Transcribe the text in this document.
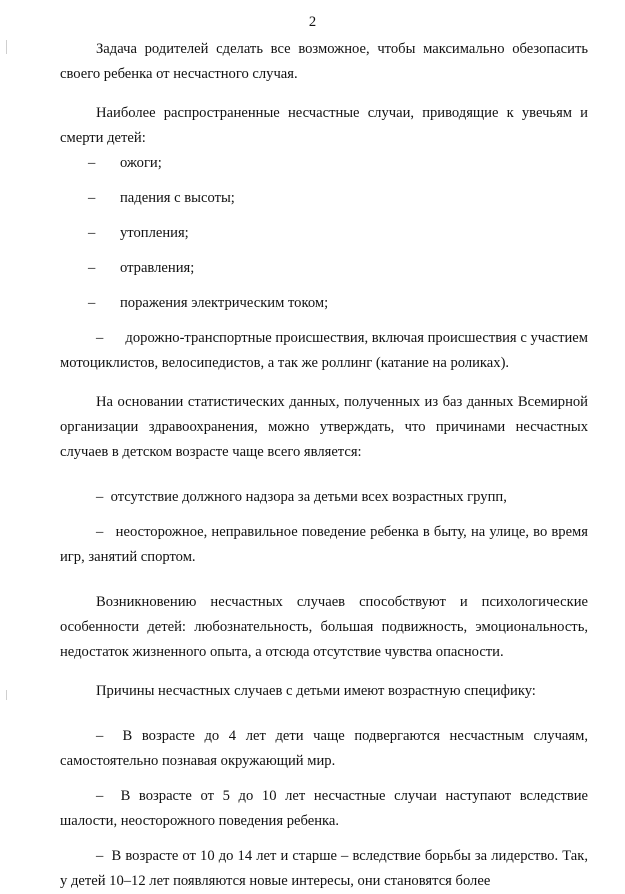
2

Задача родителей сделать все возможное, чтобы максимально обезопасить своего ребенка от несчастного случая.

Наиболее распространенные несчастные случаи, приводящие к увечьям и смерти детей:

– ожоги;
– падения с высоты;
– утопления;
– отравления;
– поражения электрическим током;

– дорожно-транспортные происшествия, включая происшествия с участием мотоциклистов, велосипедистов, а так же роллинг (катание на роликах).

На основании статистических данных, полученных из баз данных Всемирной организации здравоохранения, можно утверждать, что причинами несчастных случаев в детском возрасте чаще всего является:

– отсутствие должного надзора за детьми всех возрастных групп,

– неосторожное, неправильное поведение ребенка в быту, на улице, во время игр, занятий спортом.

Возникновению несчастных случаев способствуют и психологические особенности детей: любознательность, большая подвижность, эмоциональность, недостаток жизненного опыта, а отсюда отсутствие чувства опасности.

Причины несчастных случаев с детьми имеют возрастную специфику:

– В возрасте до 4 лет дети чаще подвергаются несчастным случаям, самостоятельно познавая окружающий мир.

– В возрасте от 5 до 10 лет несчастные случаи наступают вследствие шалости, неосторожного поведения ребенка.

– В возрасте от 10 до 14 лет и старше – вследствие борьбы за лидерство. Так, у детей 10–12 лет появляются новые интересы, они становятся более
